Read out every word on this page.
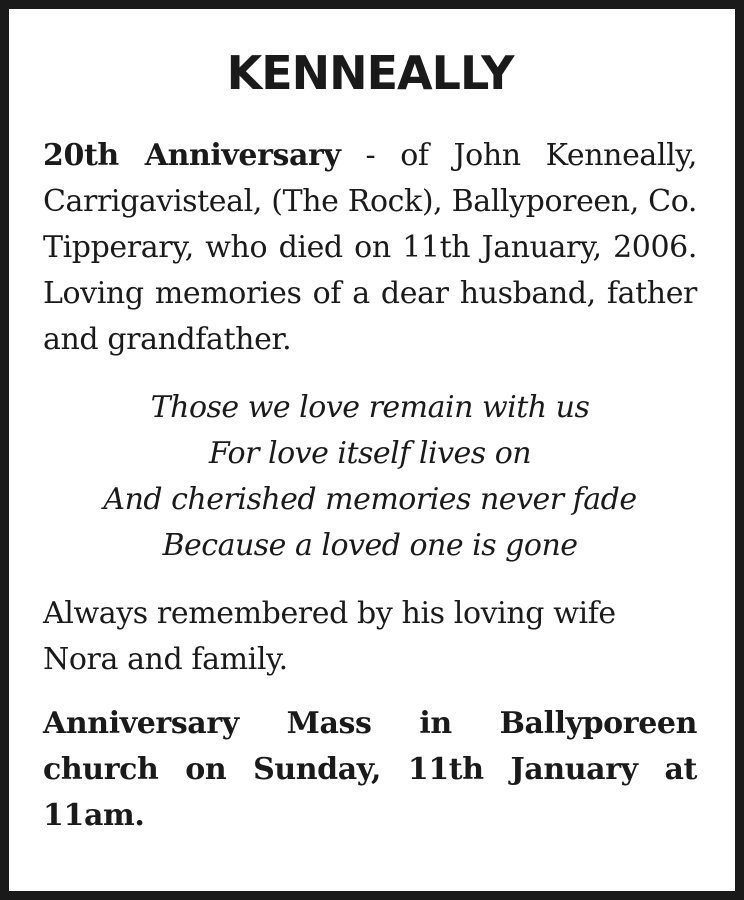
KENNEALLY

20th Anniversary - of John Kenneally, Carrigavisteal, (The Rock), Ballyporeen, Co. Tipperary, who died on 11th January, 2006. Loving memories of a dear husband, father and grandfather.

Those we love remain with us
For love itself lives on
And cherished memories never fade
Because a loved one is gone

Always remembered by his loving wife Nora and family.

Anniversary Mass in Ballyporeen church on Sunday, 11th January at 11am.
